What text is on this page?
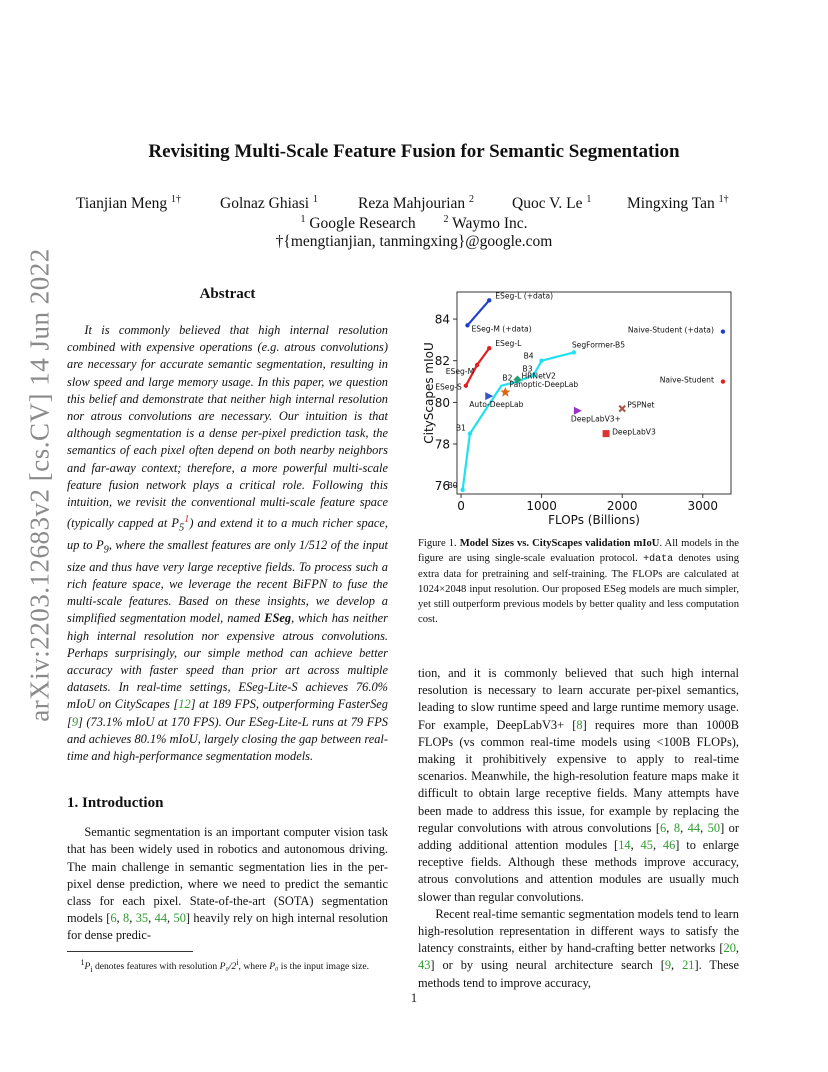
arXiv:2203.12683v2 [cs.CV] 14 Jun 2022
Revisiting Multi-Scale Feature Fusion for Semantic Segmentation
Tianjian Meng $^{1\dagger}$	Golnaz Ghiasi $^1$	Reza Mahjourian $^2$ Quoc V. Le $^1$ Mingxing Tan $^{1\dagger}$
$^1$ Google Research	$^2$ Waymo Inc.
†{mengtianjian, tanmingxing}@google.com
Abstract

It is commonly believed that high internal resolution combined with expensive operations (e.g. atrous convolutions) are necessary for accurate semantic segmentation, resulting in slow speed and large memory usage. In this paper, we question this belief and demonstrate that neither high internal resolution nor atrous convolutions are necessary. Our intuition is that although segmentation is a dense per-pixel prediction task, the semantics of each pixel often depend on both nearby neighbors and far-away context; therefore, a more powerful multi-scale feature fusion network plays a critical role. Following this intuition, we revisit the conventional multi-scale feature space (typically capped at $P_5^1$) and extend it to a much richer space, up to $P_9$, where the smallest features are only 1/512 of the input size and thus have very large receptive fields. To process such a rich feature space, we leverage the recent BiFPN to fuse the multi-scale features. Based on these insights, we develop a simplified segmentation model, named ESeg, which has neither high internal resolution nor expensive atrous convolutions. Perhaps surprisingly, our simple method can achieve better accuracy with faster speed than prior art across multiple datasets. In real-time settings, ESeg-Lite-S achieves 76.0% mIoU on CityScapes [12] at 189 FPS, outperforming FasterSeg [9] (73.1% mIoU at 170 FPS). Our ESeg-Lite-L runs at 79 FPS and achieves 80.1% mIoU, largely closing the gap between real-time and high-performance segmentation models.

1. Introduction

Semantic segmentation is an important computer vision task that has been widely used in robotics and autonomous driving. The main challenge in semantic segmentation lies in the per-pixel dense prediction, where we need to predict the semantic class for each pixel. State-of-the-art (SOTA) segmentation models [6, 8, 35, 44, 50] heavily rely on high internal resolution for dense predic-

$^1P_i$ denotes features with resolution P₀/2$^i$, where P₀ is the input image size.
0	1000	2000	3000
76
78
80
82
84
FLOPs (Billions)
CityScapes mIoU
ESeg-L (+data)
ESeg-M (+data)
ESeg-L
ESeg-M
ESeg-S
SegFormer-B5
B4
B3
B2
B1
B0
HRNetV2
Panoptic-DeepLab
Auto-DeepLab
DeepLabV3+
PSPNet
DeepLabV3
Naive-Student (+data)
Naive-Student
Figure 1. Model Sizes vs. CityScapes validation mIoU. All models in the figure are using single-scale evaluation protocol. +data denotes using extra data for pretraining and self-training. The FLOPs are calculated at 1024×2048 input resolution. Our proposed ESeg models are much simpler, yet still outperform previous models by better quality and less computation cost.

tion, and it is commonly believed that such high internal resolution is necessary to learn accurate per-pixel semantics, leading to slow runtime speed and large runtime memory usage. For example, DeepLabV3+ [8] requires more than 1000B FLOPs (vs common real-time models using <100B FLOPs), making it prohibitively expensive to apply to real-time scenarios. Meanwhile, the high-resolution feature maps make it difficult to obtain large receptive fields. Many attempts have been made to address this issue, for example by replacing the regular convolutions with atrous convolutions [6, 8, 44, 50] or adding additional attention modules [14, 45, 46] to enlarge receptive fields. Although these methods improve accuracy, atrous convolutions and attention modules are usually much slower than regular convolutions.

Recent real-time semantic segmentation models tend to learn high-resolution representation in different ways to satisfy the latency constraints, either by hand-crafting better networks [20, 43] or by using neural architecture search [9, 21]. These methods tend to improve accuracy,

1
